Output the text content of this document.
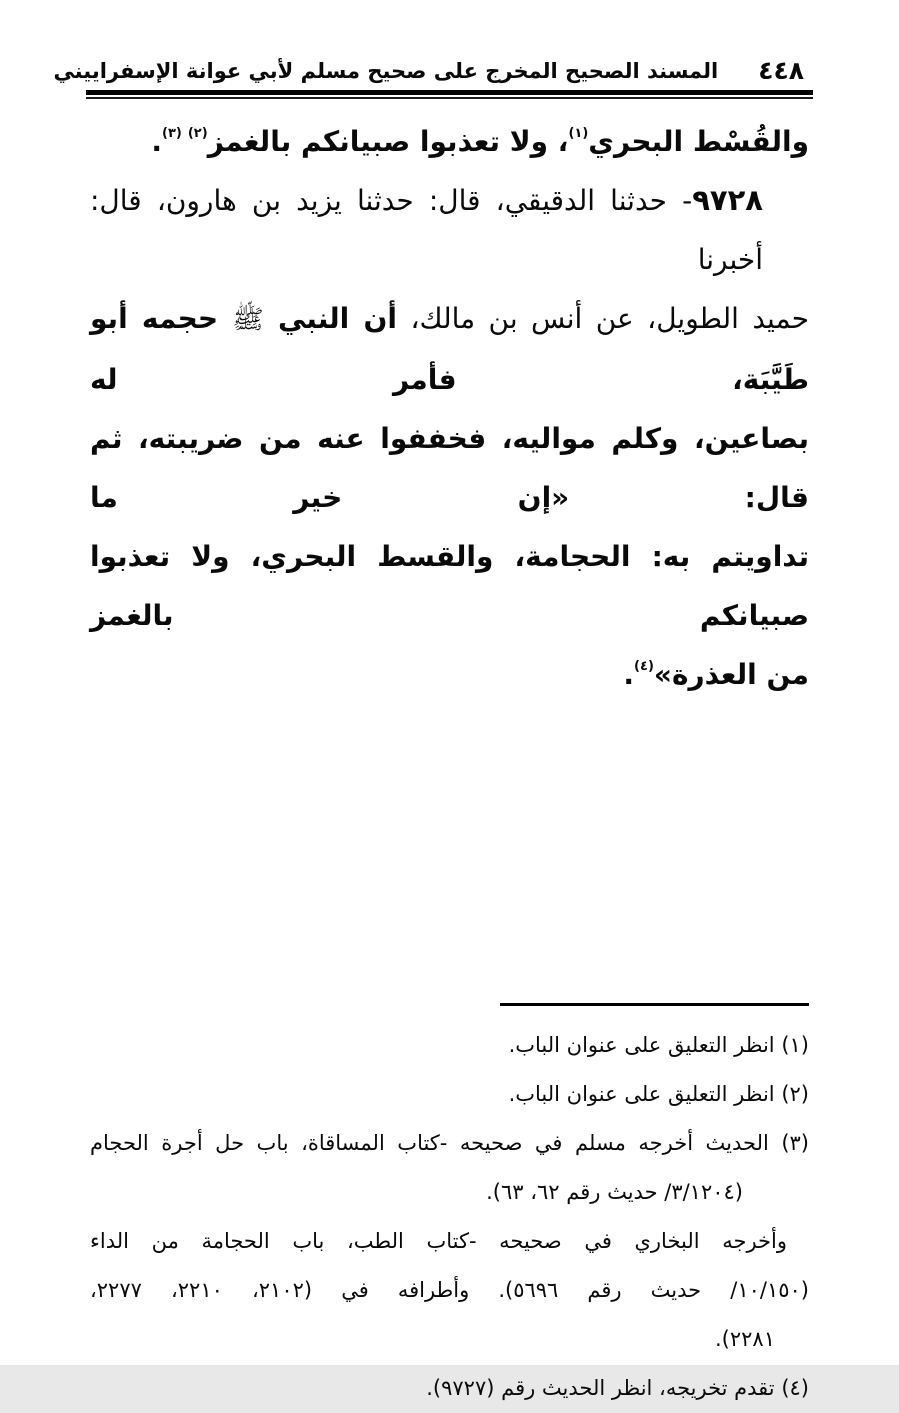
٤٤٨
المسند الصحيح المخرج على صحيح مسلم لأبي عوانة الإسفراييني
والقُسْط البحري$^{(١)}$، ولا تعذبوا صبيانكم بالغمز$^{(٢)(٣)}$.
٩٧٢٨- حدثنا الدقيقي، قال: حدثنا يزيد بن هارون، قال: أخبرنا
حميد الطويل، عن أنس بن مالك، أن النبي ﷺ حجمه أبو طَيَّبَة، فأمر له
بصاعين، وكلم مواليه، فخففوا عنه من ضريبته، ثم قال: «إن خير ما
تداويتم به: الحجامة، والقسط البحري، ولا تعذبوا صبيانكم بالغمز
من العذرة»$^{(٤)}$.
(١) انظر التعليق على عنوان الباب.
(٢) انظر التعليق على عنوان الباب.
(٣) الحديث أخرجه مسلم في صحيحه -كتاب المساقاة، باب حل أجرة الحجام
(٣/١٢٠٤/ حديث رقم ٦٢، ٦٣).
وأخرجه البخاري في صحيحه -كتاب الطب، باب الحجامة من الداء
(١٠/١٥٠/ حديث رقم ٥٦٩٦). وأطرافه في (٢١٠٢، ٢٢١٠، ٢٢٧٧،
٢٢٨١).
(٤) تقدم تخريجه، انظر الحديث رقم (٩٧٢٧).
